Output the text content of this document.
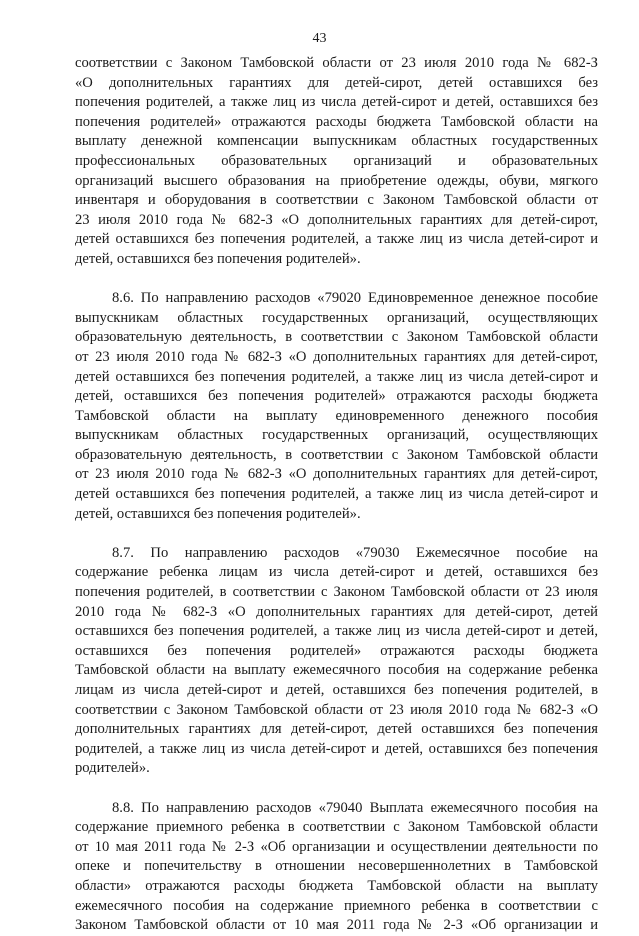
43
соответствии с Законом Тамбовской области от 23 июля 2010 года № 682-З
«О дополнительных гарантиях для детей-сирот, детей оставшихся без
попечения родителей, а также лиц из числа детей-сирот и детей, оставшихся без
попечения родителей» отражаются расходы бюджета Тамбовской области на
выплату денежной компенсации выпускникам областных государственных
профессиональных образовательных организаций и образовательных
организаций высшего образования на приобретение одежды, обуви, мягкого
инвентаря и оборудования в соответствии с Законом Тамбовской области от
23 июля 2010 года № 682-З «О дополнительных гарантиях для детей-сирот,
детей оставшихся без попечения родителей, а также лиц из числа детей-сирот и
детей, оставшихся без попечения родителей».
8.6. По направлению расходов «79020 Единовременное денежное пособие
выпускникам областных государственных организаций, осуществляющих
образовательную деятельность, в соответствии с Законом Тамбовской области
от 23 июля 2010 года № 682-З «О дополнительных гарантиях для детей-сирот,
детей оставшихся без попечения родителей, а также лиц из числа детей-сирот и
детей, оставшихся без попечения родителей» отражаются расходы бюджета
Тамбовской области на выплату единовременного денежного пособия
выпускникам областных государственных организаций, осуществляющих
образовательную деятельность, в соответствии с Законом Тамбовской области
от 23 июля 2010 года № 682-З «О дополнительных гарантиях для детей-сирот,
детей оставшихся без попечения родителей, а также лиц из числа детей-сирот и
детей, оставшихся без попечения родителей».
8.7. По направлению расходов «79030 Ежемесячное пособие на
содержание ребенка лицам из числа детей-сирот и детей, оставшихся без
попечения родителей, в соответствии с Законом Тамбовской области от 23 июля
2010 года № 682-З «О дополнительных гарантиях для детей-сирот, детей
оставшихся без попечения родителей, а также лиц из числа детей-сирот и детей,
оставшихся без попечения родителей» отражаются расходы бюджета
Тамбовской области на выплату ежемесячного пособия на содержание ребенка
лицам из числа детей-сирот и детей, оставшихся без попечения родителей, в
соответствии с Законом Тамбовской области от 23 июля 2010 года № 682-З «О
дополнительных гарантиях для детей-сирот, детей оставшихся без попечения
родителей, а также лиц из числа детей-сирот и детей, оставшихся без попечения
родителей».
8.8. По направлению расходов «79040 Выплата ежемесячного пособия на
содержание приемного ребенка в соответствии с Законом Тамбовской области
от 10 мая 2011 года № 2-З «Об организации и осуществлении деятельности по
опеке и попечительству в отношении несовершеннолетних в Тамбовской
области» отражаются расходы бюджета Тамбовской области на выплату
ежемесячного пособия на содержание приемного ребенка в соответствии с
Законом Тамбовской области от 10 мая 2011 года № 2-З «Об организации и
